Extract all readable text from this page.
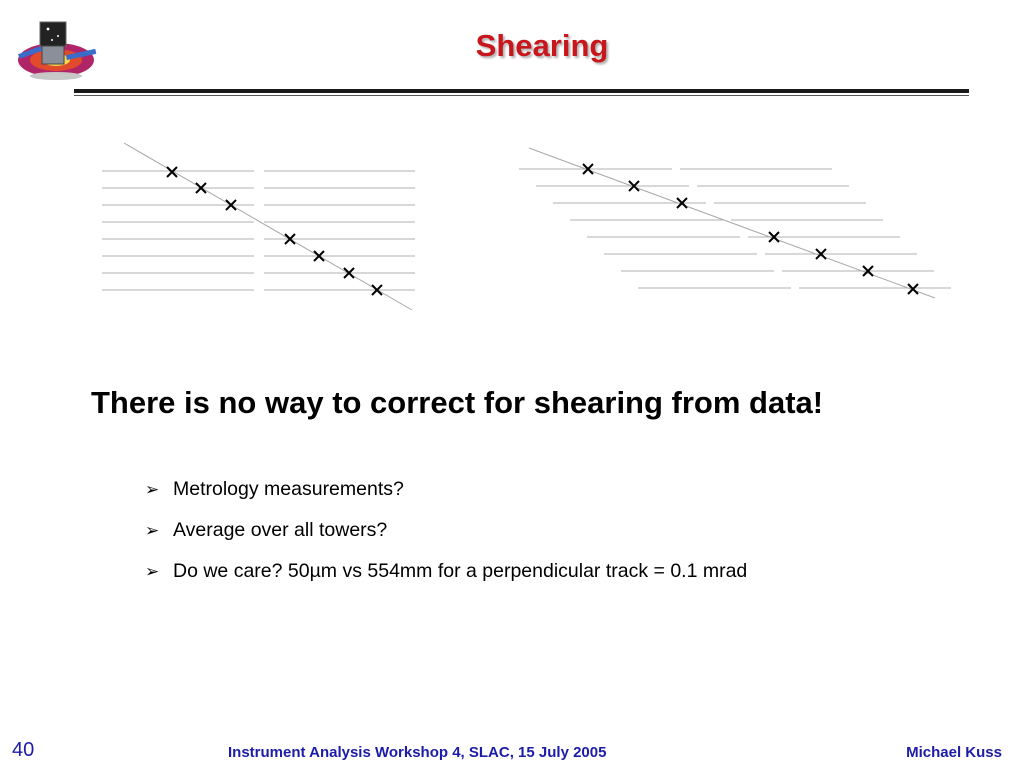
Shearing
There is no way to correct for shearing from data!
➢ Metrology measurements?
➢ Average over all towers?
➢ Do we care? 50µm vs 554mm for a perpendicular track = 0.1 mrad
40	Instrument Analysis Workshop 4, SLAC, 15 July 2005	Michael Kuss
